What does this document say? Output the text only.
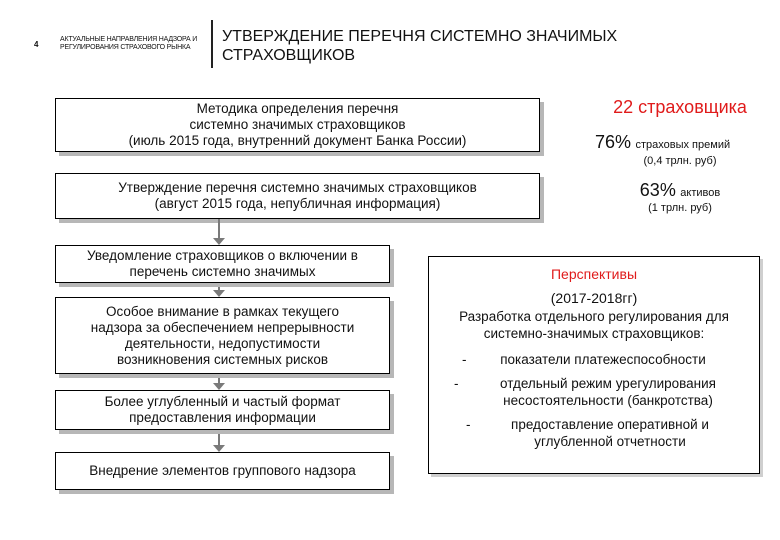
4
АКТУАЛЬНЫЕ НАПРАВЛЕНИЯ НАДЗОРА И РЕГУЛИРОВАНИЯ СТРАХОВОГО РЫНКА
УТВЕРЖДЕНИЕ ПЕРЕЧНЯ СИСТЕМНО ЗНАЧИМЫХ СТРАХОВЩИКОВ
Методика определения перечня
системно значимых страховщиков
(июль 2015 года, внутренний документ Банка России)
Утверждение перечня системно значимых страховщиков
(август 2015 года, непубличная информация)
22 страховщика
76% страховых премий
(0,4 трлн. руб)
63% активов
(1 трлн. руб)
Уведомление страховщиков о включении в
перечень системно значимых
Особое внимание в рамках текущего
надзора за обеспечением непрерывности
деятельности, недопустимости
возникновения системных рисков
Более углубленный и частый формат
предоставления информации
Внедрение элементов группового надзора
Перспективы
(2017-2018гг)
Разработка отдельного регулирования для
системно-значимых страховщиков:
-	показатели платежеспособности
-	отдельный режим урегулирования
несостоятельности (банкротства)
-	предоставление оперативной и
углубленной отчетности
